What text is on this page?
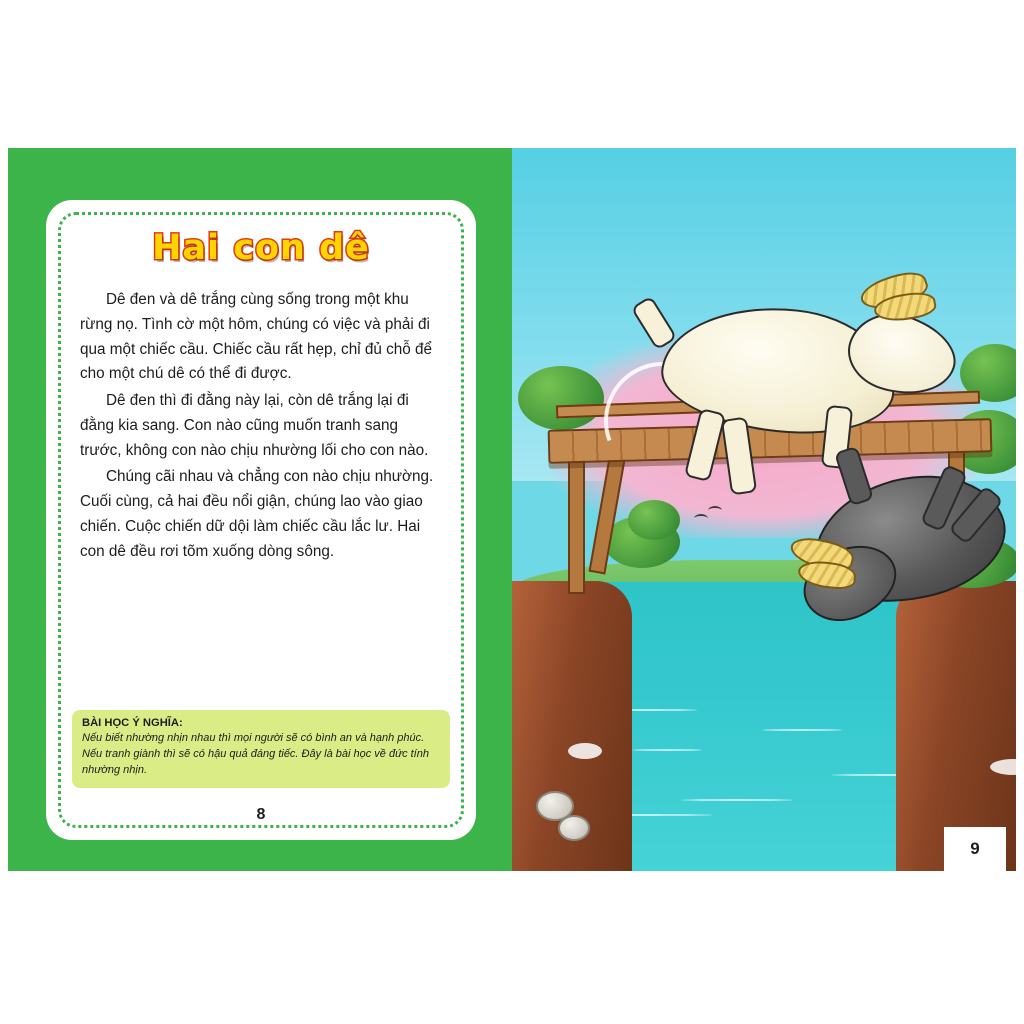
Hai con dê

Dê đen và dê trắng cùng sống trong một khu rừng nọ. Tình cờ một hôm, chúng có việc và phải đi qua một chiếc cầu. Chiếc cầu rất hẹp, chỉ đủ chỗ để cho một chú dê có thể đi được.

Dê đen thì đi đằng này lại, còn dê trắng lại đi đằng kia sang. Con nào cũng muốn tranh sang trước, không con nào chịu nhường lối cho con nào.

Chúng cãi nhau và chẳng con nào chịu nhường. Cuối cùng, cả hai đều nổi giận, chúng lao vào giao chiến. Cuộc chiến dữ dội làm chiếc cầu lắc lư. Hai con dê đều rơi tõm xuống dòng sông.

BÀI HỌC Ý NGHĨA:
Nếu biết nhường nhịn nhau thì mọi người sẽ có bình an và hạnh phúc. Nếu tranh giành thì sẽ có hậu quả đáng tiếc. Đây là bài học về đức tính nhường nhịn.
8
9
